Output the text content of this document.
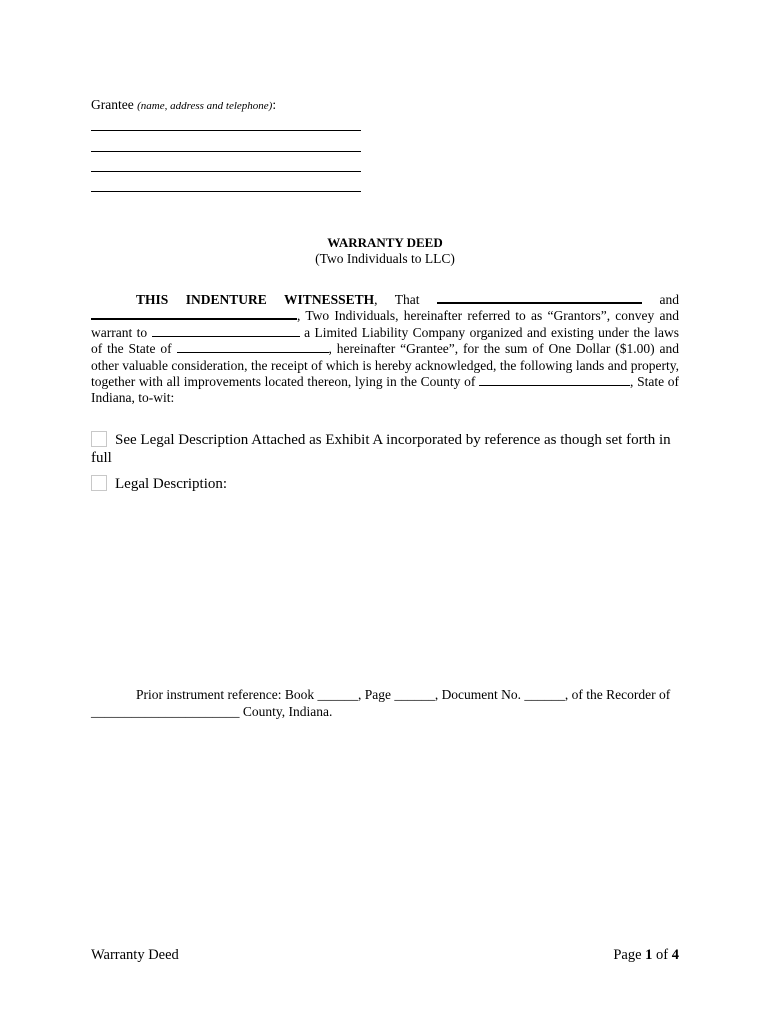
Grantee (name, address and telephone):
WARRANTY DEED
(Two Individuals to LLC)
THIS INDENTURE WITNESSETH, That	and , Two Individuals, hereinafter referred to as “Grantors”, convey and warrant to	a Limited Liability Company organized and existing under the laws of the State of	, hereinafter “Grantee”, for the sum of One Dollar ($1.00) and other valuable consideration, the receipt of which is hereby acknowledged, the following lands and property, together with all improvements located thereon, lying in the County of	, State of Indiana, to-wit:
See Legal Description Attached as Exhibit A incorporated by reference as though set forth in full
Legal Description:
Prior instrument reference: Book ______, Page ______, Document No. ______, of the Recorder of
______________________ County, Indiana.
Warranty Deed	Page 1 of 4
